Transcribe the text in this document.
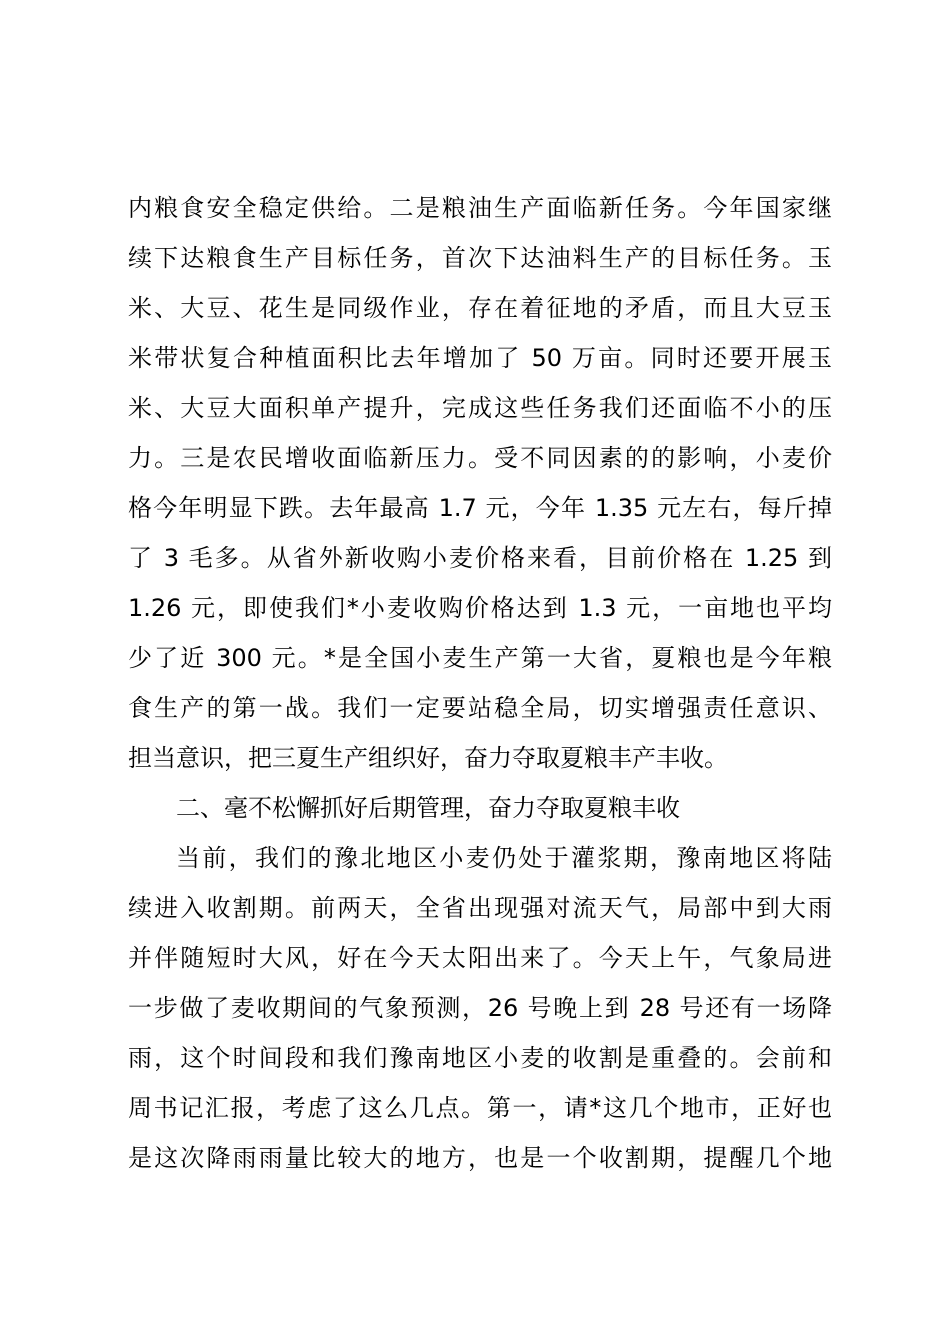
内粮食安全稳定供给。二是粮油生产面临新任务。今年国家继
续下达粮食生产目标任务，首次下达油料生产的目标任务。玉
米、大豆、花生是同级作业，存在着征地的矛盾，而且大豆玉
米带状复合种植面积比去年增加了 50 万亩。同时还要开展玉
米、大豆大面积单产提升，完成这些任务我们还面临不小的压
力。三是农民增收面临新压力。受不同因素的的影响，小麦价
格今年明显下跌。去年最高 1.7 元，今年 1.35 元左右，每斤掉
了 3 毛多。从省外新收购小麦价格来看，目前价格在 1.25 到
1.26 元，即使我们*小麦收购价格达到 1.3 元，一亩地也平均
少了近 300 元。*是全国小麦生产第一大省，夏粮也是今年粮
食生产的第一战。我们一定要站稳全局，切实增强责任意识、
担当意识，把三夏生产组织好，奋力夺取夏粮丰产丰收。
二、毫不松懈抓好后期管理，奋力夺取夏粮丰收
当前，我们的豫北地区小麦仍处于灌浆期，豫南地区将陆
续进入收割期。前两天，全省出现强对流天气，局部中到大雨
并伴随短时大风，好在今天太阳出来了。今天上午，气象局进
一步做了麦收期间的气象预测，26 号晚上到 28 号还有一场降
雨，这个时间段和我们豫南地区小麦的收割是重叠的。会前和
周书记汇报，考虑了这么几点。第一，请*这几个地市，正好也
是这次降雨雨量比较大的地方，也是一个收割期，提醒几个地
